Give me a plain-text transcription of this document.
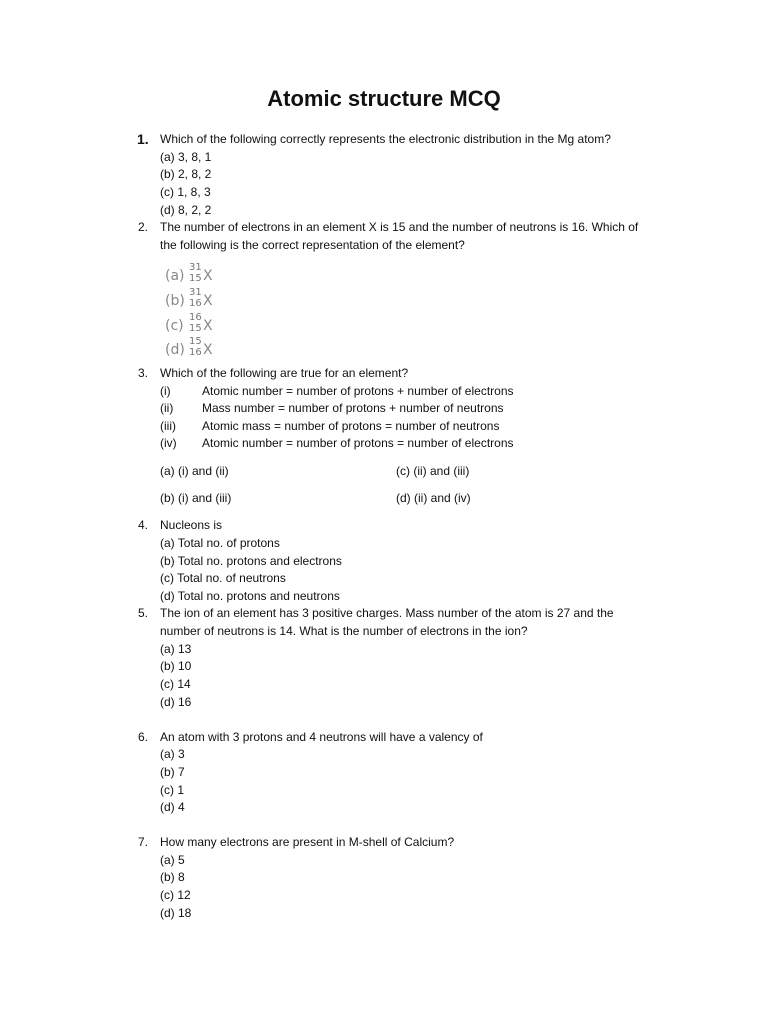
Atomic structure MCQ
1. Which of the following correctly represents the electronic distribution in the Mg atom?
(a) 3, 8, 1
(b) 2, 8, 2
(c) 1, 8, 3
(d) 8, 2, 2
2. The number of electrons in an element X is 15 and the number of neutrons is 16. Which of
the following is the correct representation of the element?
(a)
31
15 X
(b)
31
16 X
(c)
16
15 X
(d)
15
16 X
3. Which of the following are true for an element?
(i)	Atomic number = number of protons + number of electrons
(ii) Mass number = number of protons + number of neutrons
(iii) Atomic mass = number of protons = number of neutrons
(iv) Atomic number = number of protons = number of electrons
(a) (i) and (ii)	(c) (ii) and (iii)
(b) (i) and (iii)	(d) (ii) and (iv)
4. Nucleons is
(a) Total no. of protons
(b) Total no. protons and electrons
(c) Total no. of neutrons
(d) Total no. protons and neutrons
5. The ion of an element has 3 positive charges. Mass number of the atom is 27 and the
number of neutrons is 14. What is the number of electrons in the ion?
(a) 13
(b) 10
(c) 14
(d) 16
6. An atom with 3 protons and 4 neutrons will have a valency of
(a) 3
(b) 7
(c) 1
(d) 4
7. How many electrons are present in M-shell of Calcium?
(a) 5
(b) 8
(c) 12
(d) 18
